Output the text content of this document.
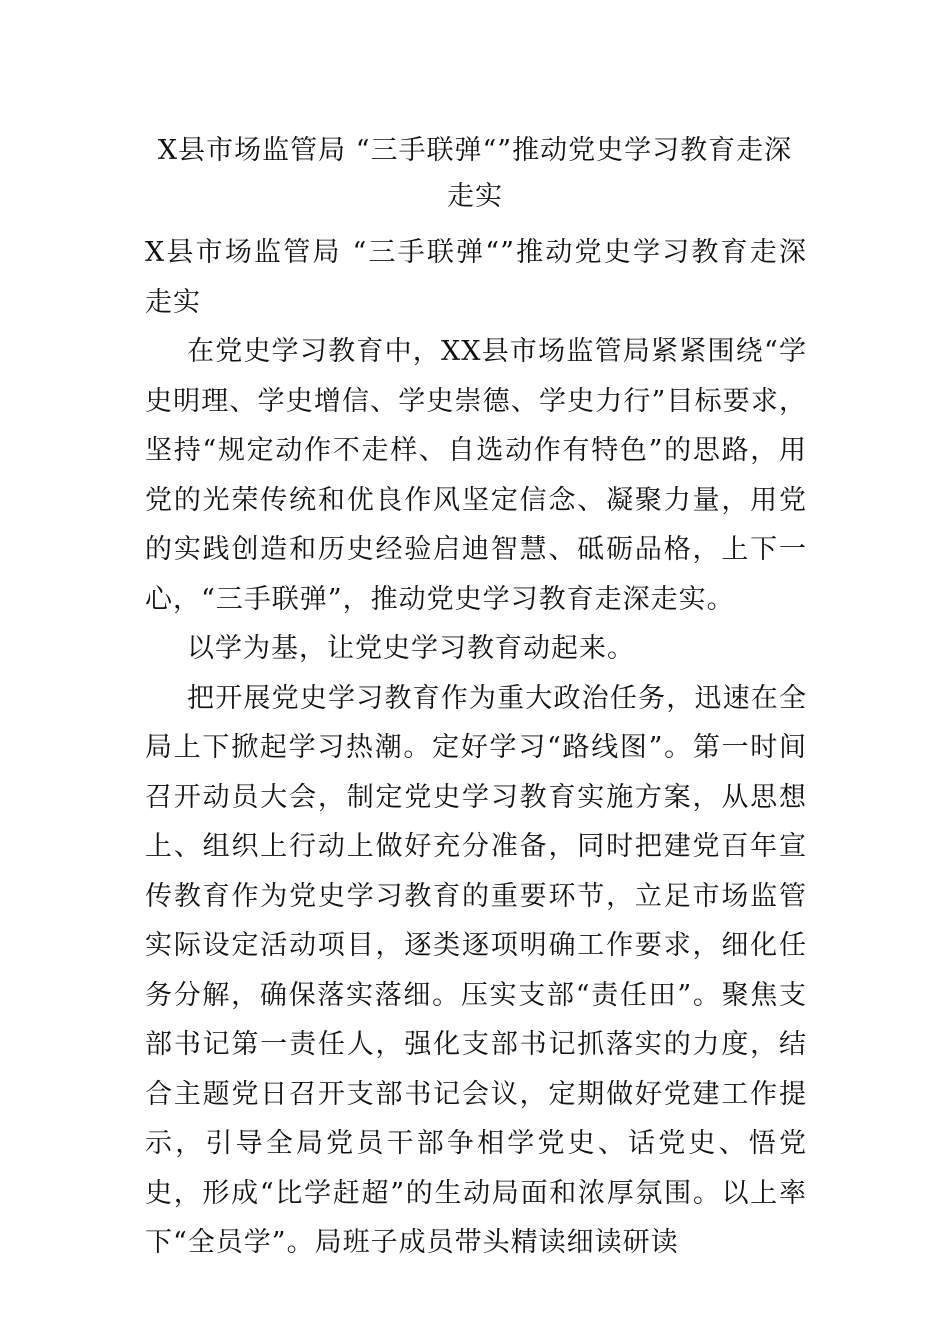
X县市场监管局 “三手联弹“”推动党史学习教育走深走实

X县市场监管局 “三手联弹“”推动党史学习教育走深走实

在党史学习教育中，XX县市场监管局紧紧围绕“学史明理、学史增信、学史崇德、学史力行”目标要求，坚持“规定动作不走样、自选动作有特色”的思路，用党的光荣传统和优良作风坚定信念、凝聚力量，用党的实践创造和历史经验启迪智慧、砥砺品格，上下一心，“三手联弹”，推动党史学习教育走深走实。

以学为基，让党史学习教育动起来。

把开展党史学习教育作为重大政治任务，迅速在全局上下掀起学习热潮。定好学习“路线图”。第一时间召开动员大会，制定党史学习教育实施方案，从思想上、组织上行动上做好充分准备，同时把建党百年宣传教育作为党史学习教育的重要环节，立足市场监管实际设定活动项目，逐类逐项明确工作要求，细化任务分解，确保落实落细。压实支部“责任田”。聚焦支部书记第一责任人，强化支部书记抓落实的力度，结合主题党日召开支部书记会议，定期做好党建工作提示，引导全局党员干部争相学党史、话党史、悟党史，形成“比学赶超”的生动局面和浓厚氛围。以上率下“全员学”。局班子成员带头精读细读研读
